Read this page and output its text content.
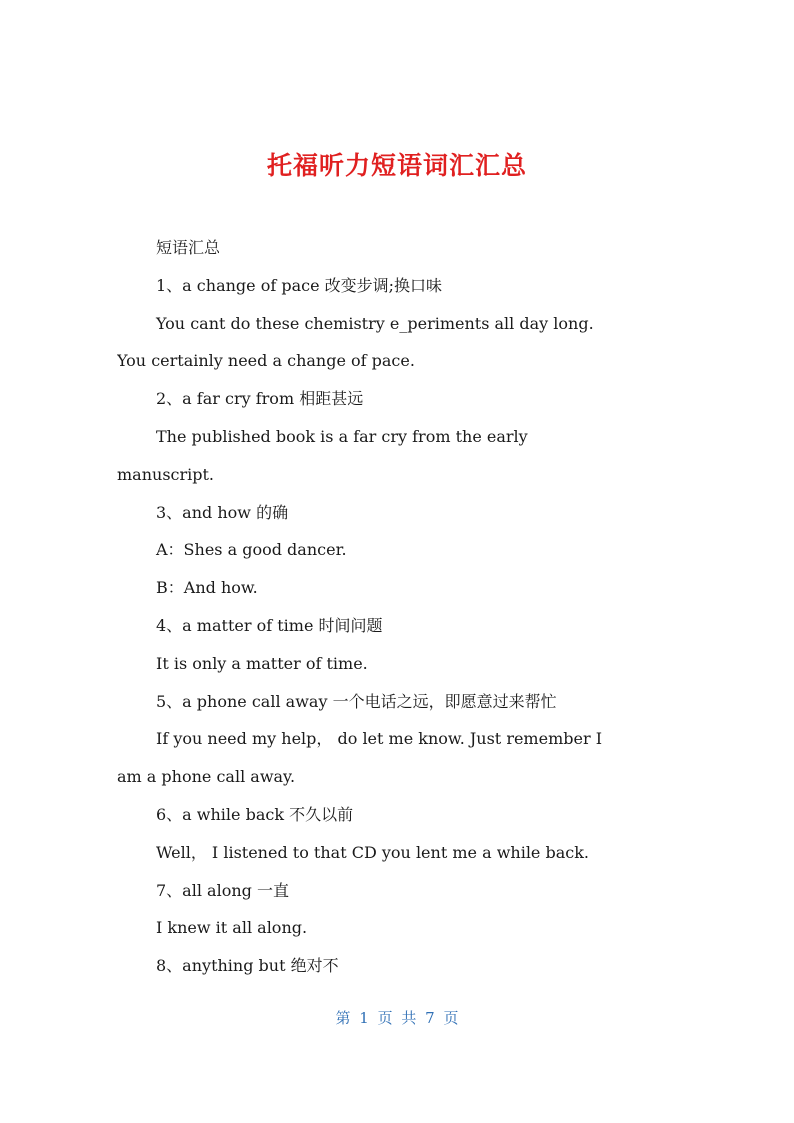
托福听力短语词汇汇总
短语汇总
1、a change of pace 改变步调;换口味
You cant do these chemistry e_periments all day long.
You certainly need a change of pace.
2、a far cry from 相距甚远
The published book is a far cry from the early
manuscript.
3、and how 的确
A：Shes a good dancer.
B：And how.
4、a matter of time 时间问题
It is only a matter of time.
5、a phone call away 一个电话之远，即愿意过来帮忙
If you need my help， do let me know. Just remember I
am a phone call away.
6、a while back 不久以前
Well， I listened to that CD you lent me a while back.
7、all along 一直
I knew it all along.
8、anything but 绝对不
第 1 页 共 7 页
